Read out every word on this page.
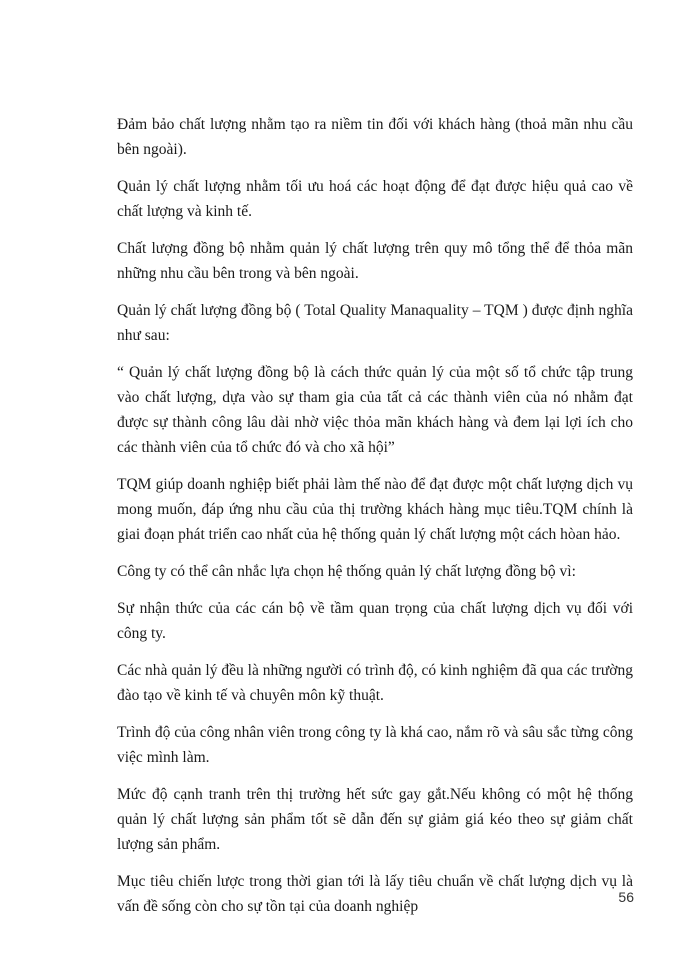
Đảm bảo chất lượng nhằm tạo ra niềm tin đối với khách hàng (thoả mãn nhu cầu bên ngoài).

Quản lý chất lượng nhằm tối ưu hoá các hoạt động để đạt được hiệu quả cao về chất lượng và kinh tế.

Chất lượng đồng bộ nhằm quản lý chất lượng trên quy mô tổng thể để thỏa mãn những nhu cầu bên trong và bên ngoài.

Quản lý chất lượng đồng bộ ( Total Quality Manaquality – TQM ) được định nghĩa như sau:

“ Quản lý chất lượng đồng bộ là cách thức quản lý của một số tổ chức tập trung vào chất lượng, dựa vào sự tham gia của tất cả các thành viên của nó nhằm đạt được sự thành công lâu dài nhờ việc thỏa mãn khách hàng và đem lại lợi ích cho các thành viên của tổ chức đó và cho xã hội”

TQM giúp doanh nghiệp biết phải làm thế nào để đạt được một chất lượng dịch vụ mong muốn, đáp ứng nhu cầu của thị trường khách hàng mục tiêu.TQM chính là giai đoạn phát triển cao nhất của hệ thống quản lý chất lượng một cách hòan hảo.

Công ty có thể cân nhắc lựa chọn hệ thống quản lý chất lượng đồng bộ vì:

Sự nhận thức của các cán bộ về tầm quan trọng của chất lượng dịch vụ đối với công ty.

Các nhà quản lý đều là những người có trình độ, có kinh nghiệm đã qua các trường đào tạo về kinh tế và chuyên môn kỹ thuật.

Trình độ của công nhân viên trong công ty là khá cao, nắm rõ và sâu sắc từng công việc mình làm.

Mức độ cạnh tranh trên thị trường hết sức gay gắt.Nếu không có một hệ thống quản lý chất lượng sản phẩm tốt sẽ dẫn đến sự giảm giá kéo theo sự giảm chất lượng sản phẩm.

Mục tiêu chiến lược trong thời gian tới là lấy tiêu chuẩn về chất lượng dịch vụ là vấn đề sống còn cho sự tồn tại của doanh nghiệp

56
